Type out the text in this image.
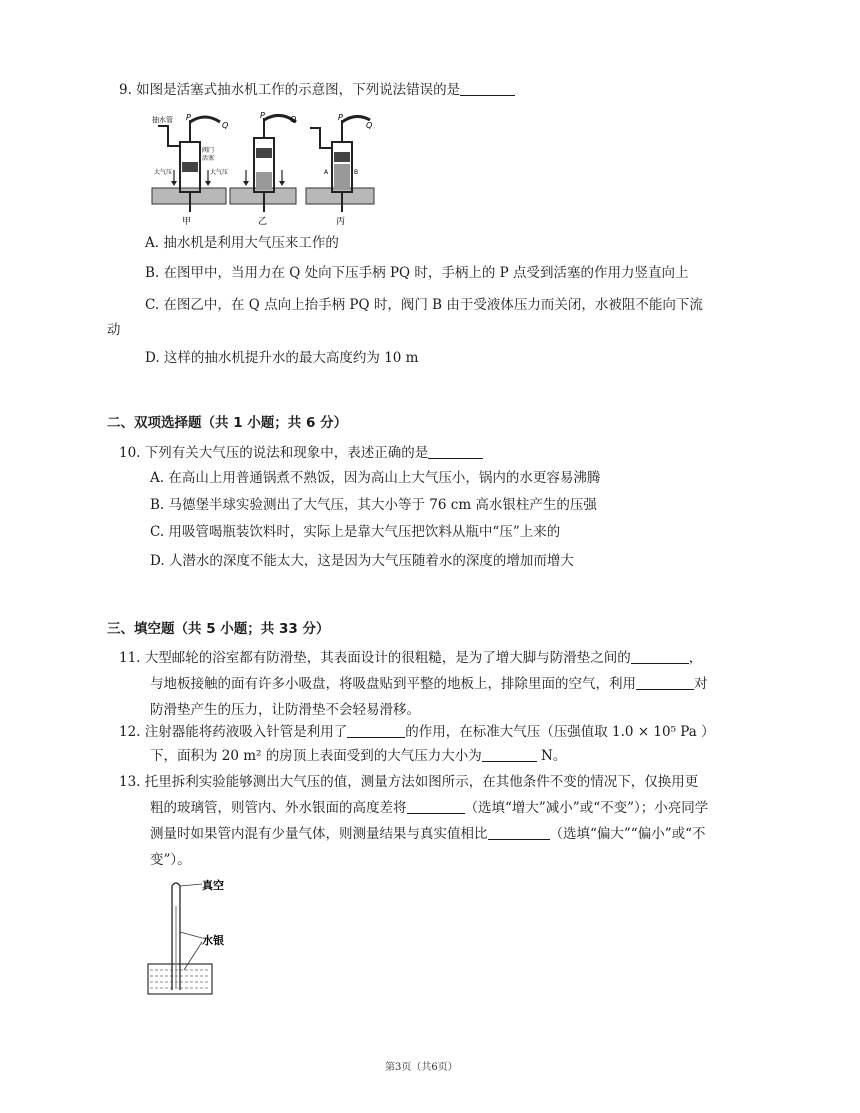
9. 如图是活塞式抽水机工作的示意图，下列说法错误的是
P
Q
抽水管
阀门
活塞
大气压	大气压
甲
P	Q
乙
P
Q
A	B
丙
A. 抽水机是利用大气压来工作的
B. 在图甲中，当用力在 Q 处向下压手柄 PQ 时，手柄上的 P 点受到活塞的作用力竖直向上
C. 在图乙中，在 Q 点向上抬手柄 PQ 时，阀门 B 由于受液体压力而关闭，水被阻不能向下流
动
D. 这样的抽水机提升水的最大高度约为 10 m
二、双项选择题（共 1 小题；共 6 分）
10. 下列有关大气压的说法和现象中，表述正确的是
A. 在高山上用普通锅煮不熟饭，因为高山上大气压小，锅内的水更容易沸腾
B. 马德堡半球实验测出了大气压，其大小等于 76 cm 高水银柱产生的压强
C. 用吸管喝瓶装饮料时，实际上是靠大气压把饮料从瓶中“压”上来的
D. 人潜水的深度不能太大，这是因为大气压随着水的深度的增加而增大
三、填空题（共 5 小题；共 33 分）
11. 大型邮轮的浴室都有防滑垫，其表面设计的很粗糙，是为了增大脚与防滑垫之间的	，
与地板接触的面有许多小吸盘，将吸盘贴到平整的地板上，排除里面的空气，利用	对
防滑垫产生的压力，让防滑垫不会轻易滑移。
12. 注射器能将药液吸入针管是利用了	的作用，在标准大气压（压强值取 1.0 × 10⁵ Pa ）
下，面积为 20 m² 的房顶上表面受到的大气压力大小为	N。
13. 托里拆利实验能够测出大气压的值，测量方法如图所示，在其他条件不变的情况下，仅换用更
粗的玻璃管，则管内、外水银面的高度差将	（选填“增大”减小”或“不变”）；小亮同学
测量时如果管内混有少量气体，则测量结果与真实值相比	（选填“偏大”“偏小”或“不
变”）。
真空
水银
第3页（共6页）
